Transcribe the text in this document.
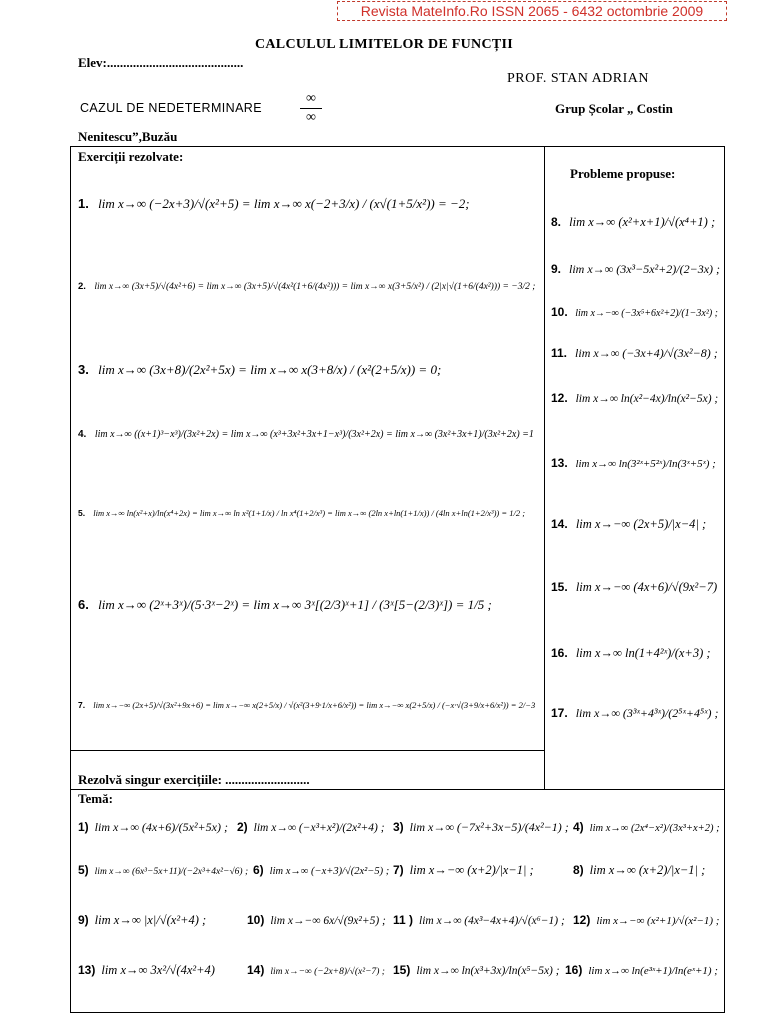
Revista MateInfo.Ro ISSN 2065 - 6432 octombrie 2009
CALCULUL LIMITELOR DE FUNCȚII
Elev:..........................................
PROF. STAN ADRIAN
CAZUL DE NEDETERMINARE
∞
∞
Grup Școlar „ Costin
Nenitescu”,Buzău
Exerciții rezolvate:
1. lim x→∞ (−2x+3)/√(x²+5) = lim x→∞ x(−2+3/x) / (x√(1+5/x²)) = −2;
2. lim x→∞ (3x+5)/√(4x²+6) = lim x→∞ (3x+5)/√(4x²(1+6/(4x²))) = lim x→∞ x(3+5/x²) / (2|x|√(1+6/(4x²))) = −3/2 ;
3. lim x→∞ (3x+8)/(2x²+5x) = lim x→∞ x(3+8/x) / (x²(2+5/x)) = 0;
4. lim x→∞ ((x+1)³−x³)/(3x²+2x) = lim x→∞ (x³+3x²+3x+1−x³)/(3x²+2x) = lim x→∞ (3x²+3x+1)/(3x²+2x) =1
5. lim x→∞ ln(x²+x)/ln(x⁴+2x) = lim x→∞ ln x²(1+1/x) / ln x⁴(1+2/x³) = lim x→∞ (2ln x+ln(1+1/x)) / (4ln x+ln(1+2/x³)) = 1/2 ;
6. lim x→∞ (2ˣ+3ˣ)/(5·3ˣ−2ˣ) = lim x→∞ 3ˣ[(2/3)ˣ+1] / (3ˣ[5−(2/3)ˣ]) = 1/5 ;
7. lim x→−∞ (2x+5)/√(3x²+9x+6) = lim x→−∞ x(2+5/x) / √(x²(3+9·1/x+6/x²)) = lim x→−∞ x(2+5/x) / (−x·√(3+9/x+6/x²)) = 2/−3
Probleme propuse:
8. lim x→∞ (x²+x+1)/√(x⁴+1) ;
9. lim x→∞ (3x³−5x²+2)/(2−3x) ;
10. lim x→−∞ (−3x⁵+6x²+2)/(1−3x²) ;
11. lim x→∞ (−3x+4)/√(3x²−8) ;
12. lim x→∞ ln(x²−4x)/ln(x²−5x) ;
13. lim x→∞ ln(3²ˣ+5²ˣ)/ln(3ˣ+5ˣ) ;
14. lim x→−∞ (2x+5)/|x−4| ;
15. lim x→−∞ (4x+6)/√(9x²−7)
16. lim x→∞ ln(1+4²ˣ)/(x+3) ;
17. lim x→∞ (3³ˣ+4³ˣ)/(2⁵ˣ+4⁵ˣ) ;
Rezolvă singur exercițiile: ..........................
Temă:
1) lim x→∞ (4x+6)/(5x²+5x) ; 2) lim x→∞ (−x³+x²)/(2x²+4) ; 3) lim x→∞ (−7x²+3x−5)/(4x²−1) ; 4) lim x→∞ (2x⁴−x²)/(3x³+x+2) ;
5) lim x→∞ (6x³−5x+11)/(−2x³+4x²−√6) ; 6) lim x→∞ (−x+3)/√(2x²−5) ; 7) lim x→−∞ (x+2)/|x−1| ;	8) lim x→∞ (x+2)/|x−1| ;
9) lim x→∞ |x|/√(x²+4) ;	10) lim x→−∞ 6x/√(9x²+5) ; 11 ) lim x→∞ (4x³−4x+4)/√(x⁶−1) ; 12) lim x→−∞ (x²+1)/√(x²−1) ;
13) lim x→∞ 3x²/√(4x²+4)	14) lim x→−∞ (−2x+8)/√(x²−7) ; 15) lim x→∞ ln(x³+3x)/ln(x⁵−5x) ; 16) lim x→∞ ln(e³ˣ+1)/ln(eˣ+1) ;
